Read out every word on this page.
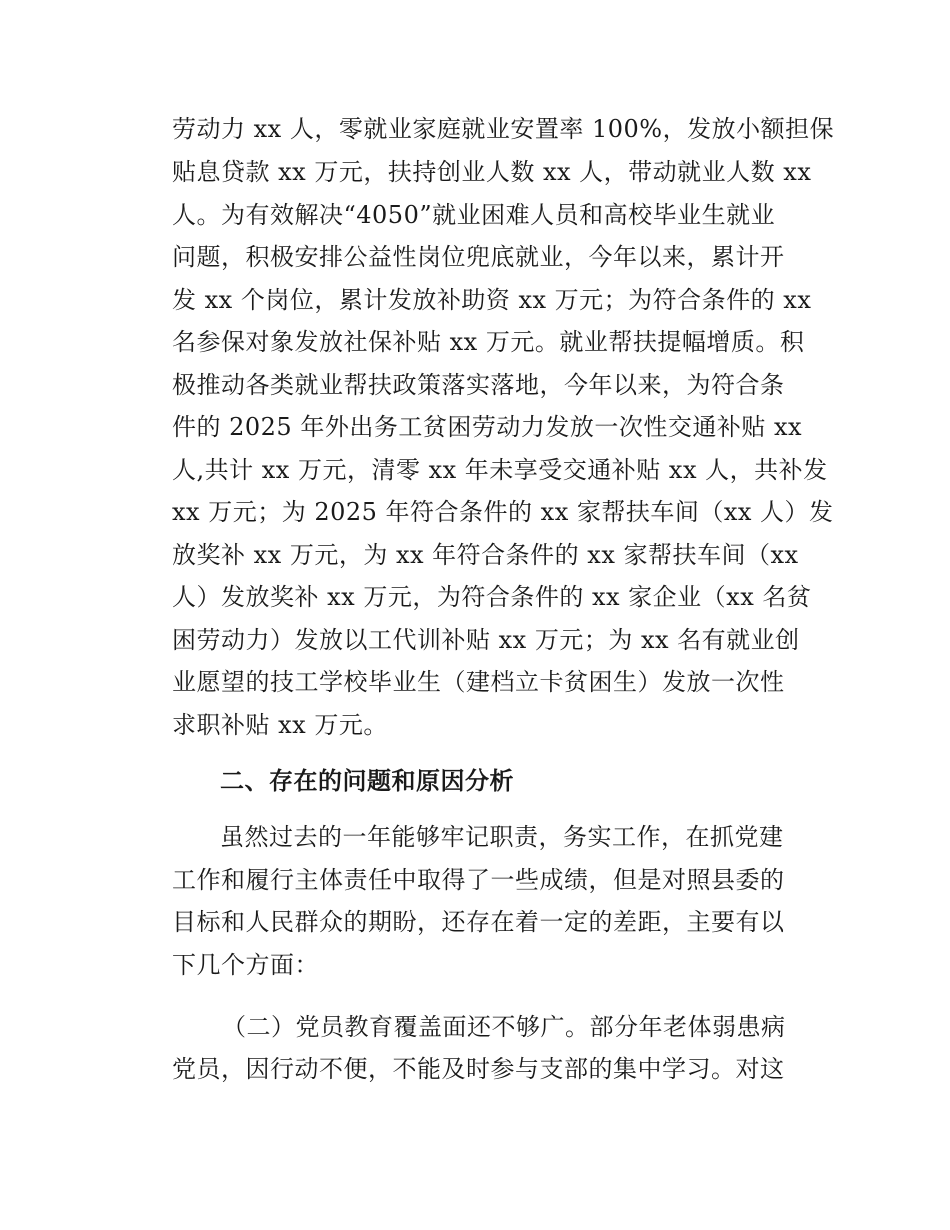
劳动力 xx 人，零就业家庭就业安置率 100%，发放小额担保
贴息贷款 xx 万元，扶持创业人数 xx 人，带动就业人数 xx
人。为有效解决“4050”就业困难人员和高校毕业生就业
问题，积极安排公益性岗位兜底就业，今年以来，累计开
发 xx 个岗位，累计发放补助资 xx 万元；为符合条件的 xx
名参保对象发放社保补贴 xx 万元。就业帮扶提幅增质。积
极推动各类就业帮扶政策落实落地，今年以来，为符合条
件的 2025 年外出务工贫困劳动力发放一次性交通补贴 xx
人,共计 xx 万元，清零 xx 年未享受交通补贴 xx 人，共补发
xx 万元；为 2025 年符合条件的 xx 家帮扶车间（xx 人）发
放奖补 xx 万元，为 xx 年符合条件的 xx 家帮扶车间（xx
人）发放奖补 xx 万元，为符合条件的 xx 家企业（xx 名贫
困劳动力）发放以工代训补贴 xx 万元；为 xx 名有就业创
业愿望的技工学校毕业生（建档立卡贫困生）发放一次性
求职补贴 xx 万元。
二、存在的问题和原因分析
虽然过去的一年能够牢记职责，务实工作，在抓党建
工作和履行主体责任中取得了一些成绩，但是对照县委的
目标和人民群众的期盼，还存在着一定的差距，主要有以
下几个方面：
（二）党员教育覆盖面还不够广。部分年老体弱患病
党员，因行动不便，不能及时参与支部的集中学习。对这
